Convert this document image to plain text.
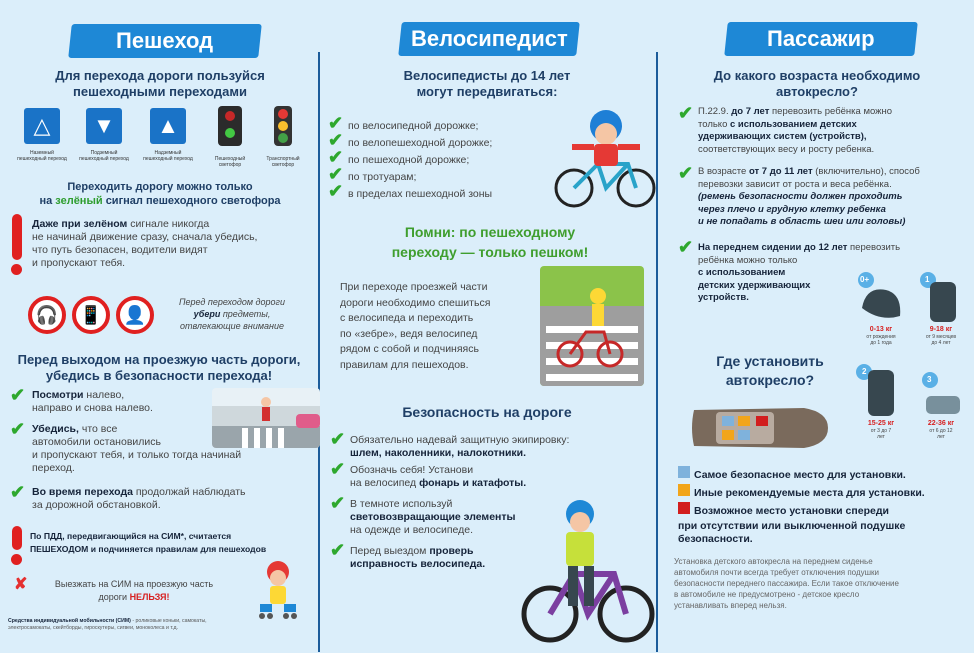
Пешеход
Для перехода дороги пользуйся
пешеходными переходами
△	▼	▲
Наземный пешеходный переход
Подземный пешеходный переход
Надземный пешеходный переход	Пешеходный светофор
Транспортный светофор
Переходить дорогу можно только
на зелёный сигнал пешеходного светофора
Даже при зелёном сигнале никогда
не начинай движение сразу, сначала убедись,
что путь безопасен, водители видят
и пропускают тебя.
🎧	📱	👤
Перед переходом дороги
убери предметы,
отвлекающие внимание
Перед выходом на проезжую часть дороги,
убедись в безопасности перехода!
✔ Посмотри налево,
направо и снова налево.
✔ Убедись, что все
автомобили остановились
и пропускают тебя, и только тогда начинай
переход.
✔ Во время перехода продолжай наблюдать
за дорожной обстановкой.
По ПДД, передвигающийся на СИМ*, считается
ПЕШЕХОДОМ и подчиняется правилам для пешеходов
✘	Выезжать на СИМ на проезжую часть
дороги НЕЛЬЗЯ!
Средства индивидуальной мобильности (СИМ) - роликовые коньки, самокаты,
электросамокаты, скейтборды, гироскутеры, сигвеи, моноколеса и т.д.
Велосипедист
Велосипедисты до 14 лет
могут передвигаться:
✔
✔
✔
✔
✔
по велосипедной дорожке;
по велопешеходной дорожке;
по пешеходной дорожке;
по тротуарам;
в пределах пешеходной зоны
Помни: по пешеходному
переходу — только пешком!
При переходе проезжей части
дороги необходимо спешиться
с велосипеда и переходить
по «зебре», ведя велосипед
рядом с собой и подчиняясь
правилам для пешеходов.
Безопасность на дороге
✔ Обязательно надевай защитную экипировку:
шлем, наколенники, налокотники.
✔ Обозначь себя! Установи
на велосипед фонарь и катафоты.
✔ В темноте используй
световозвращающие элементы
на одежде и велосипеде.
✔ Перед выездом проверь
исправность велосипеда.
Пассажир
До какого возраста необходимо
автокресло?
✔ П.22.9. до 7 лет перевозить ребёнка можно
только с использованием детских
удерживающих систем (устройств),
соответствующих весу и росту ребенка.
✔ В возрасте от 7 до 11 лет (включительно), способ
перевозки зависит от роста и веса ребёнка.
(ремень безопасности должен проходить
через плечо и грудную клетку ребенка
и не попадать в область шеи или головы)
✔ На переднем сидении до 12 лет перевозить
ребёнка можно только
с использованием
детских удерживающих
устройств.
0+	1
0-13 кг
от рождения
до 1 года
9-18 кг
от 9 месяцев
до 4 лет
2
3
15-25 кг
от 3 до 7
лет
22-36 кг
от 6 до 12
лет
Где установить
автокресло?
Самое безопасное место для установки.
Иные рекомендуемые места для установки.
Возможное место установки спереди
при отсутствии или выключенной подушке
безопасности.
Установка детского автокресла на переднем сиденье
автомобиля почти всегда требует отключения подушки
безопасности переднего пассажира. Если такое отключение
в автомобиле не предусмотрено - детское кресло
устанавливать вперед нельзя.
